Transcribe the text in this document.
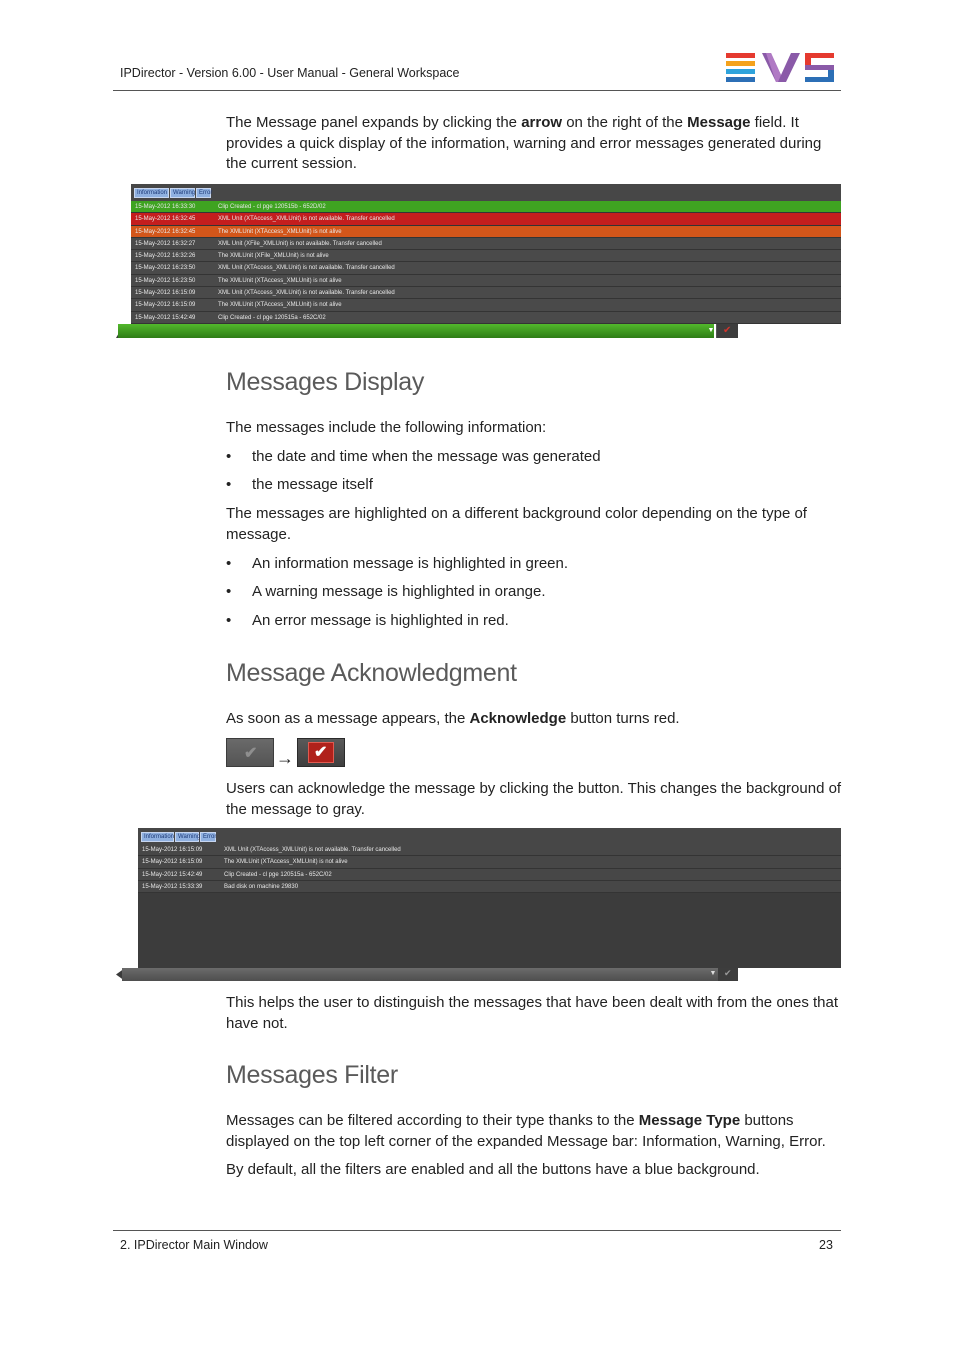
IPDirector - Version 6.00 - User Manual - General Workspace
The Message panel expands by clicking the arrow on the right of the Message field. It provides a quick display of the information, warning and error messages generated during the current session.
Information Warning Error
15-May-2012 16:33:30	Clip Created - cl pge 120515b - 652D/02
15-May-2012 16:32:45	XML Unit (XTAccess_XMLUnit) is not available. Transfer cancelled
15-May-2012 16:32:45	The XMLUnit (XTAccess_XMLUnit) is not alive
15-May-2012 16:32:27	XML Unit (XFile_XMLUnit) is not available. Transfer cancelled
15-May-2012 16:32:26	The XMLUnit (XFile_XMLUnit) is not alive
15-May-2012 16:23:50	XML Unit (XTAccess_XMLUnit) is not available. Transfer cancelled
15-May-2012 16:23:50	The XMLUnit (XTAccess_XMLUnit) is not alive
15-May-2012 16:15:09	XML Unit (XTAccess_XMLUnit) is not available. Transfer cancelled
15-May-2012 16:15:09	The XMLUnit (XTAccess_XMLUnit) is not alive
15-May-2012 15:42:49	Clip Created - cl pge 120515a - 652C/02
▼ ✔
Messages Display
The messages include the following information:
• the date and time when the message was generated
• the message itself
The messages are highlighted on a different background color depending on the type of message.
• An information message is highlighted in green.
• A warning message is highlighted in orange.
• An error message is highlighted in red.
Message Acknowledgment
As soon as a message appears, the Acknowledge button turns red.
✔ → ✔
Users can acknowledge the message by clicking the button. This changes the background of the message to gray.
Information Warning Error
15-May-2012 16:15:09	XML Unit (XTAccess_XMLUnit) is not available. Transfer cancelled
15-May-2012 16:15:09	The XMLUnit (XTAccess_XMLUnit) is not alive
15-May-2012 15:42:49	Clip Created - cl pge 120515a - 652C/02
15-May-2012 15:33:39	Bad disk on machine 29830
▼ ✔
This helps the user to distinguish the messages that have been dealt with from the ones that have not.
Messages Filter
Messages can be filtered according to their type thanks to the Message Type buttons displayed on the top left corner of the expanded Message bar: Information, Warning, Error.
By default, all the filters are enabled and all the buttons have a blue background.
2. IPDirector Main Window	23
